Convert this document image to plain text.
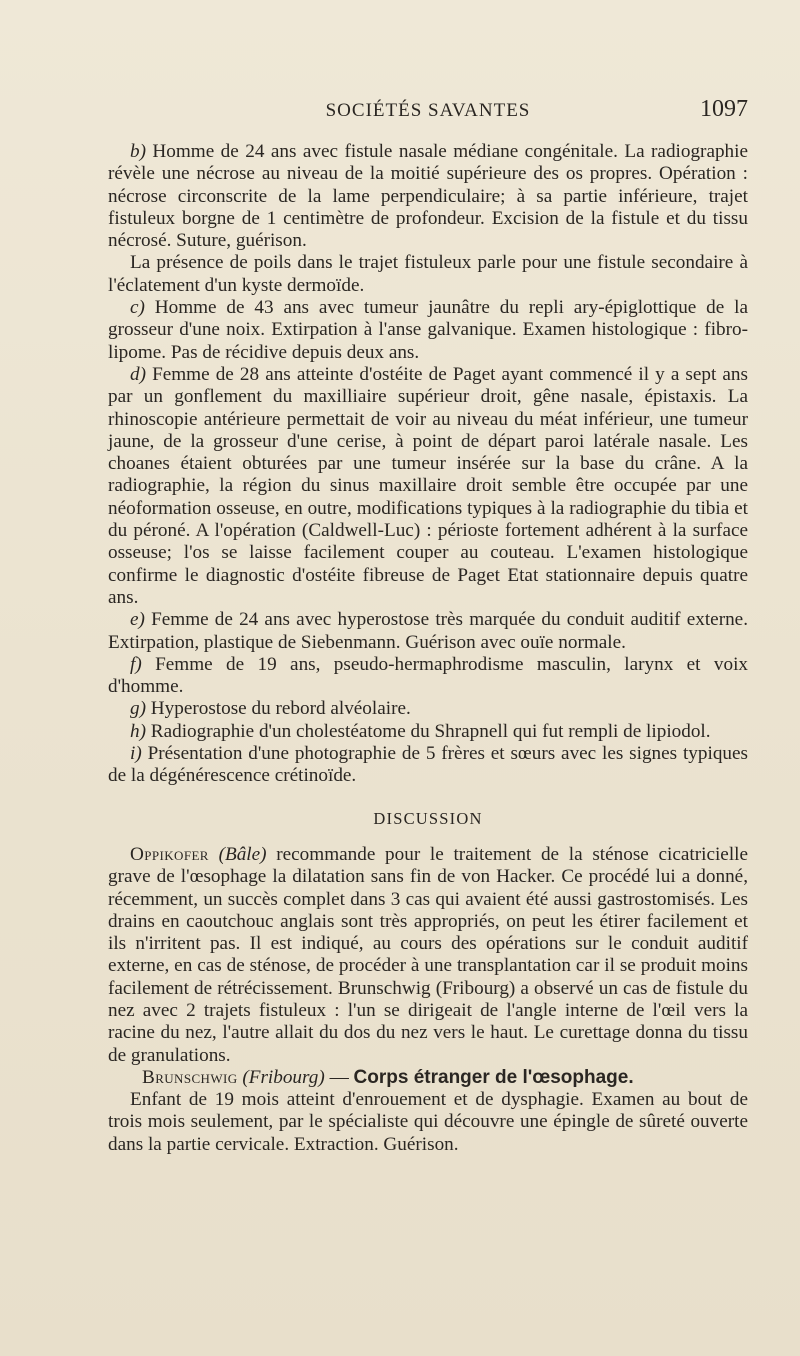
SOCIÉTÉS SAVANTES	1097

b) Homme de 24 ans avec fistule nasale médiane congénitale. La radiographie révèle une nécrose au niveau de la moitié supérieure des os propres. Opération : nécrose circonscrite de la lame perpendiculaire; à sa partie inférieure, trajet fistuleux borgne de 1 centimètre de profondeur. Excision de la fistule et du tissu nécrosé. Suture, guérison.

La présence de poils dans le trajet fistuleux parle pour une fistule secondaire à l'éclatement d'un kyste dermoïde.

c) Homme de 43 ans avec tumeur jaunâtre du repli ary-épiglottique de la grosseur d'une noix. Extirpation à l'anse galvanique. Examen histologique : fibro-lipome. Pas de récidive depuis deux ans.

d) Femme de 28 ans atteinte d'ostéite de Paget ayant commencé il y a sept ans par un gonflement du maxilliaire supérieur droit, gêne nasale, épistaxis. La rhinoscopie antérieure permettait de voir au niveau du méat inférieur, une tumeur jaune, de la grosseur d'une cerise, à point de départ paroi latérale nasale. Les choanes étaient obturées par une tumeur insérée sur la base du crâne. A la radiographie, la région du sinus maxillaire droit semble être occupée par une néoformation osseuse, en outre, modifications typiques à la radiographie du tibia et du péroné. A l'opération (Caldwell-Luc) : périoste fortement adhérent à la surface osseuse; l'os se laisse facilement couper au couteau. L'examen histologique confirme le diagnostic d'ostéite fibreuse de Paget Etat stationnaire depuis quatre ans.

e) Femme de 24 ans avec hyperostose très marquée du conduit auditif externe. Extirpation, plastique de Siebenmann. Guérison avec ouïe normale.

f) Femme de 19 ans, pseudo-hermaphrodisme masculin, larynx et voix d'homme.

g) Hyperostose du rebord alvéolaire.

h) Radiographie d'un cholestéatome du Shrapnell qui fut rempli de lipiodol.

i) Présentation d'une photographie de 5 frères et sœurs avec les signes typiques de la dégénérescence crétinoïde.

DISCUSSION

Oppikofer (Bâle) recommande pour le traitement de la sténose cicatricielle grave de l'œsophage la dilatation sans fin de von Hacker. Ce procédé lui a donné, récemment, un succès complet dans 3 cas qui avaient été aussi gastrostomisés. Les drains en caoutchouc anglais sont très appropriés, on peut les étirer facilement et ils n'irritent pas. Il est indiqué, au cours des opérations sur le conduit auditif externe, en cas de sténose, de procéder à une transplantation car il se produit moins facilement de rétrécissement. Brunschwig (Fribourg) a observé un cas de fistule du nez avec 2 trajets fistuleux : l'un se dirigeait de l'angle interne de l'œil vers la racine du nez, l'autre allait du dos du nez vers le haut. Le curettage donna du tissu de granulations.

Brunschwig (Fribourg) — Corps étranger de l'œsophage.

Enfant de 19 mois atteint d'enrouement et de dysphagie. Examen au bout de trois mois seulement, par le spécialiste qui découvre une épingle de sûreté ouverte dans la partie cervicale. Extraction. Guérison.
